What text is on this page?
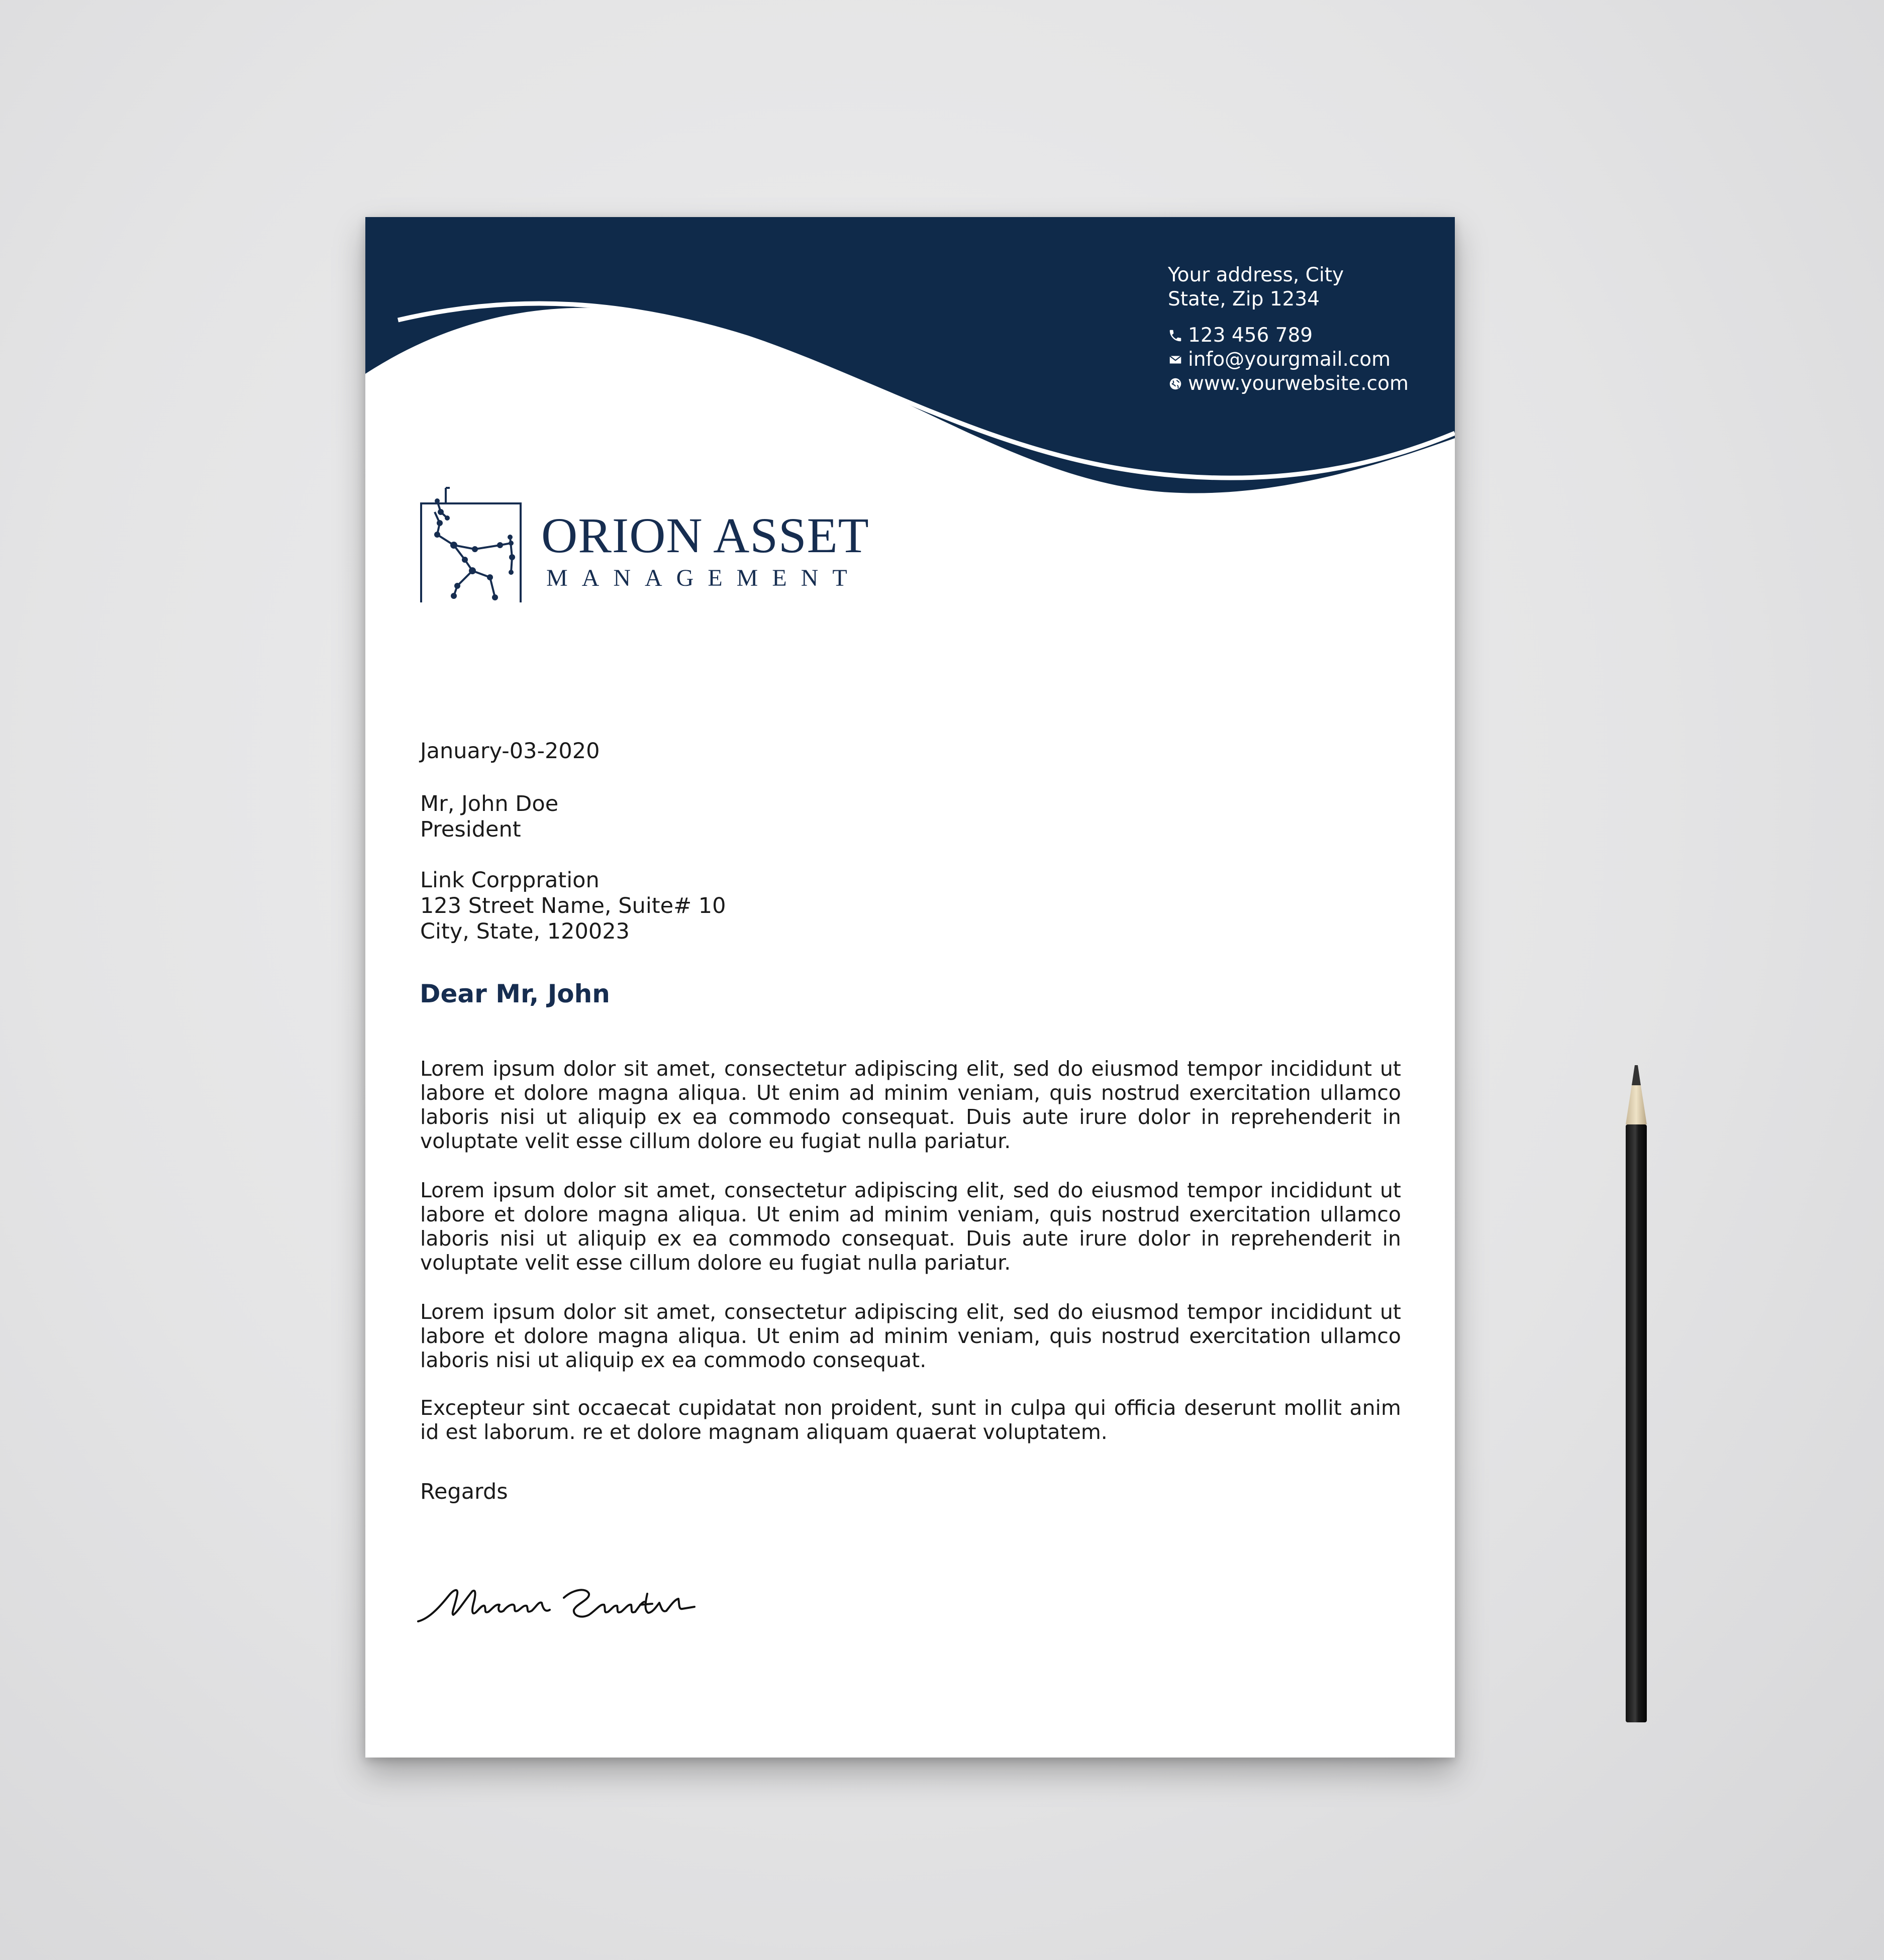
Your address, City
State, Zip 1234
123 456 789
info@yourgmail.com
www.yourwebsite.com
ORION ASSET
MANAGEMENT
January-03-2020
Mr, John Doe
President
Link Corppration
123 Street Name, Suite# 10
City, State, 120023
Dear Mr, John

Lorem ipsum dolor sit amet, consectetur adipiscing elit, sed do eiusmod tempor incididunt ut labore et dolore magna aliqua. Ut enim ad minim veniam, quis nostrud exercitation ullamco laboris nisi ut aliquip ex ea commodo consequat. Duis aute irure dolor in reprehenderit in voluptate velit esse cillum dolore eu fugiat nulla pariatur.

Lorem ipsum dolor sit amet, consectetur adipiscing elit, sed do eiusmod tempor incididunt ut labore et dolore magna aliqua. Ut enim ad minim veniam, quis nostrud exercitation ullamco laboris nisi ut aliquip ex ea commodo consequat. Duis aute irure dolor in reprehenderit in voluptate velit esse cillum dolore eu fugiat nulla pariatur.

Lorem ipsum dolor sit amet, consectetur adipiscing elit, sed do eiusmod tempor incididunt ut labore et dolore magna aliqua. Ut enim ad minim veniam, quis nostrud exercitation ullamco laboris nisi ut aliquip ex ea commodo consequat.

Excepteur sint occaecat cupidatat non proident, sunt in culpa qui officia deserunt mollit anim id est laborum. re et dolore magnam aliquam quaerat voluptatem.

Regards
